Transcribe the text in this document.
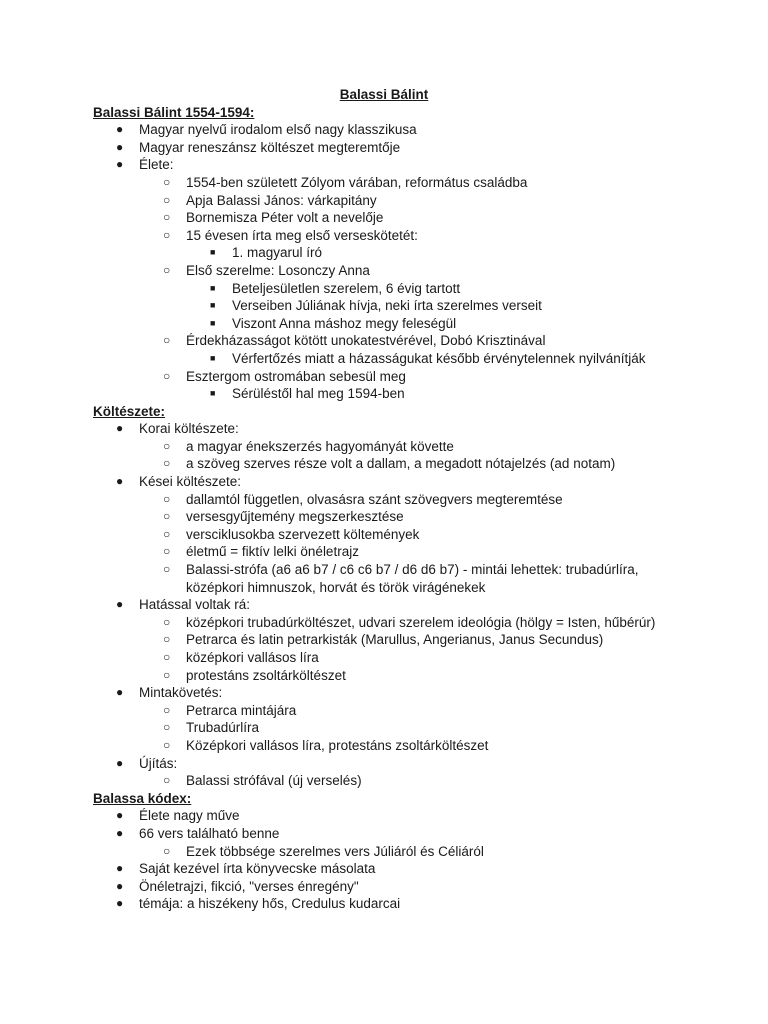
Balassi Bálint
Balassi Bálint 1554-1594:
● Magyar nyelvű irodalom első nagy klasszikusa
● Magyar reneszánsz költészet megteremtője
● Élete:
○ 1554-ben született Zólyom várában, református családba
○ Apja Balassi János: várkapitány
○ Bornemisza Péter volt a nevelője
○ 15 évesen írta meg első verseskötetét:
■ 1. magyarul író
○ Első szerelme: Losonczy Anna
■ Beteljesületlen szerelem, 6 évig tartott
■ Verseiben Júliának hívja, neki írta szerelmes verseit
■ Viszont Anna máshoz megy feleségül
○ Érdekházasságot kötött unokatestvérével, Dobó Krisztinával
■ Vérfertőzés miatt a házasságukat később érvénytelennek nyilvánítják
○ Esztergom ostromában sebesül meg
■ Sérüléstől hal meg 1594-ben
Költészete:
● Korai költészete:
○ a magyar énekszerzés hagyományát követte
○ a szöveg szerves része volt a dallam, a megadott nótajelzés (ad notam)
● Kései költészete:
○ dallamtól független, olvasásra szánt szövegvers megteremtése
○ versesgyűjtemény megszerkesztése
○ versciklusokba szervezett költemények
○ életmű = fiktív lelki önéletrajz
○ Balassi-strófa (a6 a6 b7 / c6 c6 b7 / d6 d6 b7) - mintái lehettek: trubadúrlíra, középkori himnuszok, horvát és török virágénekek
● Hatással voltak rá:
○ középkori trubadúrköltészet, udvari szerelem ideológia (hölgy = Isten, hűbérúr)
○ Petrarca és latin petrarkisták (Marullus, Angerianus, Janus Secundus)
○ középkori vallásos líra
○ protestáns zsoltárköltészet
● Mintakövetés:
○ Petrarca mintájára
○ Trubadúrlíra
○ Középkori vallásos líra, protestáns zsoltárköltészet
● Újítás:
○ Balassi strófával (új verselés)
Balassa kódex:
● Élete nagy műve
● 66 vers található benne
○ Ezek többsége szerelmes vers Júliáról és Céliáról
● Saját kezével írta könyvecske másolata
● Önéletrajzi, fikció, "verses énregény"
● témája: a hiszékeny hős, Credulus kudarcai
